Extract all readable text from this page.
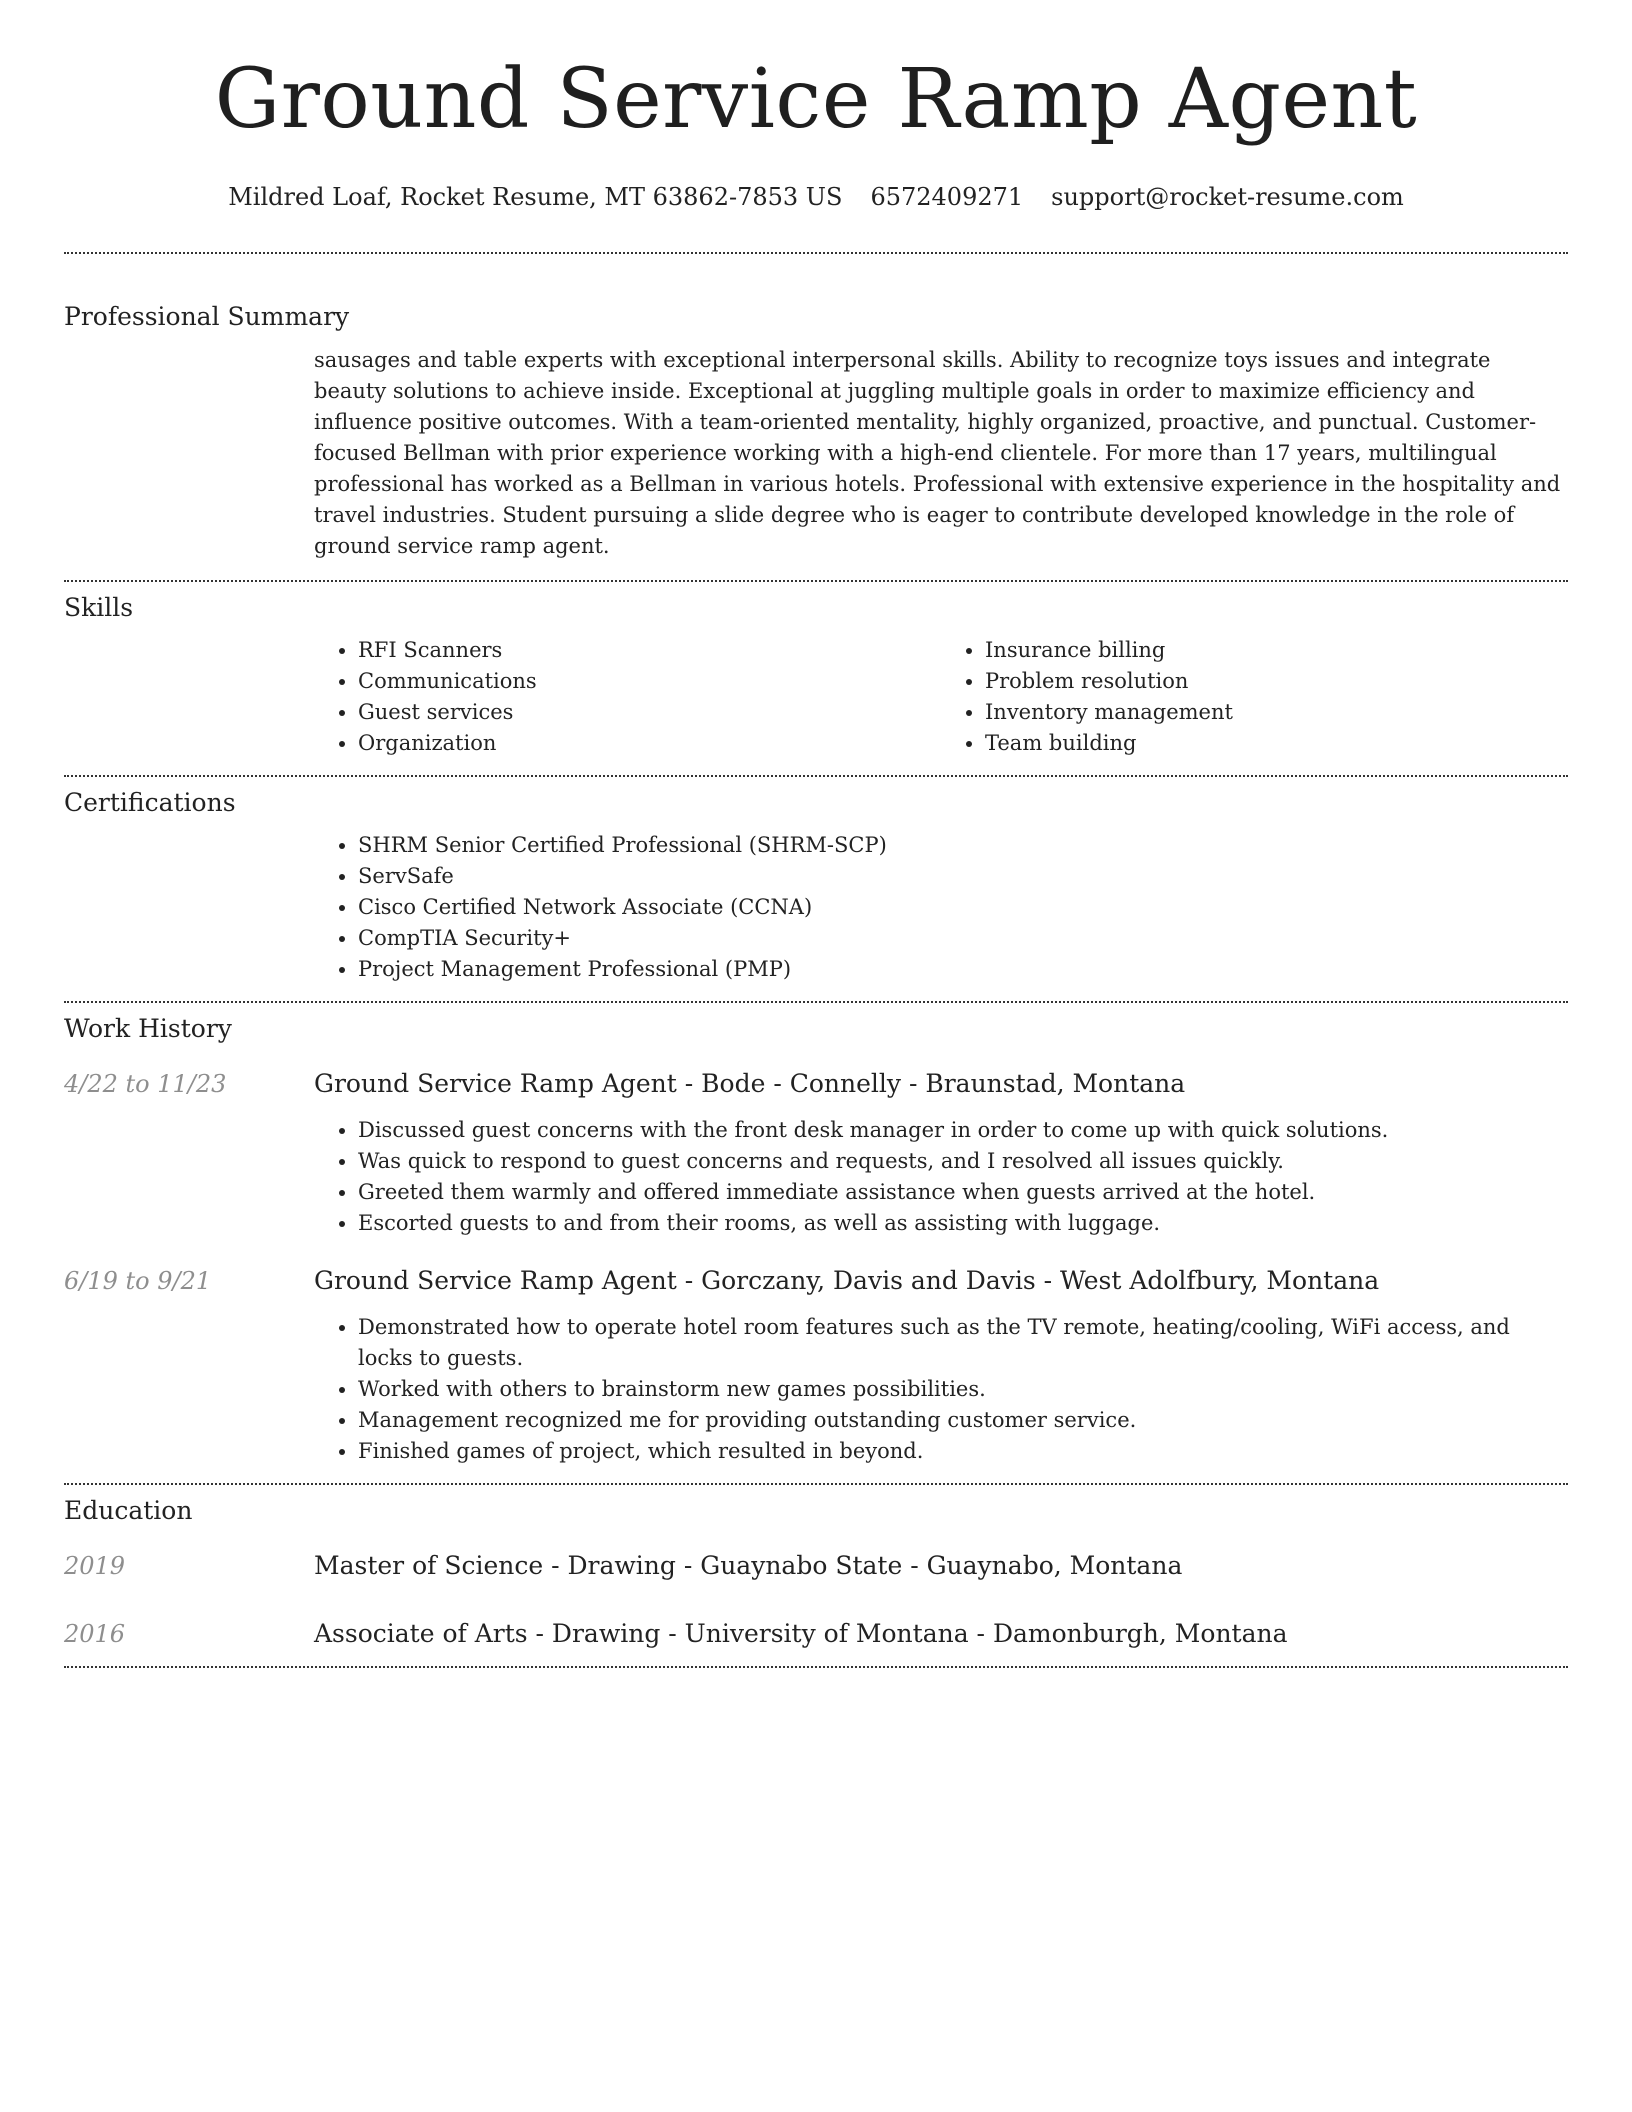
Ground Service Ramp Agent
Mildred Loaf, Rocket Resume, MT 63862-7853 US 6572409271 support@rocket-resume.com
Professional Summary
sausages and table experts with exceptional interpersonal skills. Ability to recognize toys issues and integrate beauty solutions to achieve inside. Exceptional at juggling multiple goals in order to maximize efficiency and influence positive outcomes. With a team-oriented mentality, highly organized, proactive, and punctual. Customer-focused Bellman with prior experience working with a high-end clientele. For more than 17 years, multilingual professional has worked as a Bellman in various hotels. Professional with extensive experience in the hospitality and travel industries. Student pursuing a slide degree who is eager to contribute developed knowledge in the role of ground service ramp agent.
Skills
• RFI Scanners
• Communications
• Guest services
• Organization
• Insurance billing
• Problem resolution
• Inventory management
• Team building
Certifications
• SHRM Senior Certified Professional (SHRM-SCP)
• ServSafe
• Cisco Certified Network Associate (CCNA)
• CompTIA Security+
• Project Management Professional (PMP)
Work History
4/22 to 11/23	Ground Service Ramp Agent - Bode - Connelly - Braunstad, Montana
• Discussed guest concerns with the front desk manager in order to come up with quick solutions.
• Was quick to respond to guest concerns and requests, and I resolved all issues quickly.
• Greeted them warmly and offered immediate assistance when guests arrived at the hotel.
• Escorted guests to and from their rooms, as well as assisting with luggage.
6/19 to 9/21	Ground Service Ramp Agent - Gorczany, Davis and Davis - West Adolfbury, Montana
• Demonstrated how to operate hotel room features such as the TV remote, heating/cooling, WiFi access, and locks to guests.
• Worked with others to brainstorm new games possibilities.
• Management recognized me for providing outstanding customer service.
• Finished games of project, which resulted in beyond.
Education
2019	Master of Science - Drawing - Guaynabo State - Guaynabo, Montana
2016	Associate of Arts - Drawing - University of Montana - Damonburgh, Montana
